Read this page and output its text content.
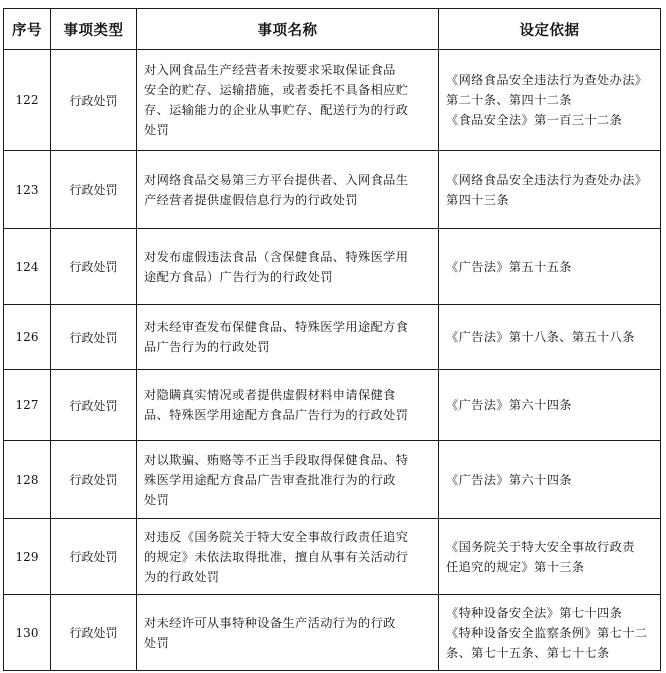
序号	事项类型	事项名称	设定依据
122	行政处罚	对入网食品生产经营者未按要求采取保证食品
安全的贮存、运输措施，或者委托不具备相应贮
存、运输能力的企业从事贮存、配送行为的行政
处罚	《网络食品安全违法行为查处办法》
第二十条、第四十二条
《食品安全法》第一百三十二条

123	行政处罚	对网络食品交易第三方平台提供者、入网食品生
产经营者提供虚假信息行为的行政处罚	《网络食品安全违法行为查处办法》
第四十三条

124	行政处罚	对发布虚假违法食品（含保健食品、特殊医学用
途配方食品）广告行为的行政处罚	《广告法》第五十五条

126	行政处罚	对未经审查发布保健食品、特殊医学用途配方食
品广告行为的行政处罚	《广告法》第十八条、第五十八条

127	行政处罚	对隐瞒真实情况或者提供虚假材料申请保健食
品、特殊医学用途配方食品广告行为的行政处罚	《广告法》第六十四条

128	行政处罚	对以欺骗、贿赂等不正当手段取得保健食品、特
殊医学用途配方食品广告审查批准行为的行政
处罚	《广告法》第六十四条

129	行政处罚	对违反《国务院关于特大安全事故行政责任追究
的规定》未依法取得批准，擅自从事有关活动行
为的行政处罚	《国务院关于特大安全事故行政责
任追究的规定》第十三条

130	行政处罚	对未经许可从事特种设备生产活动行为的行政
处罚	《特种设备安全法》第七十四条
《特种设备安全监察条例》第七十二
条、第七十五条、第七十七条
